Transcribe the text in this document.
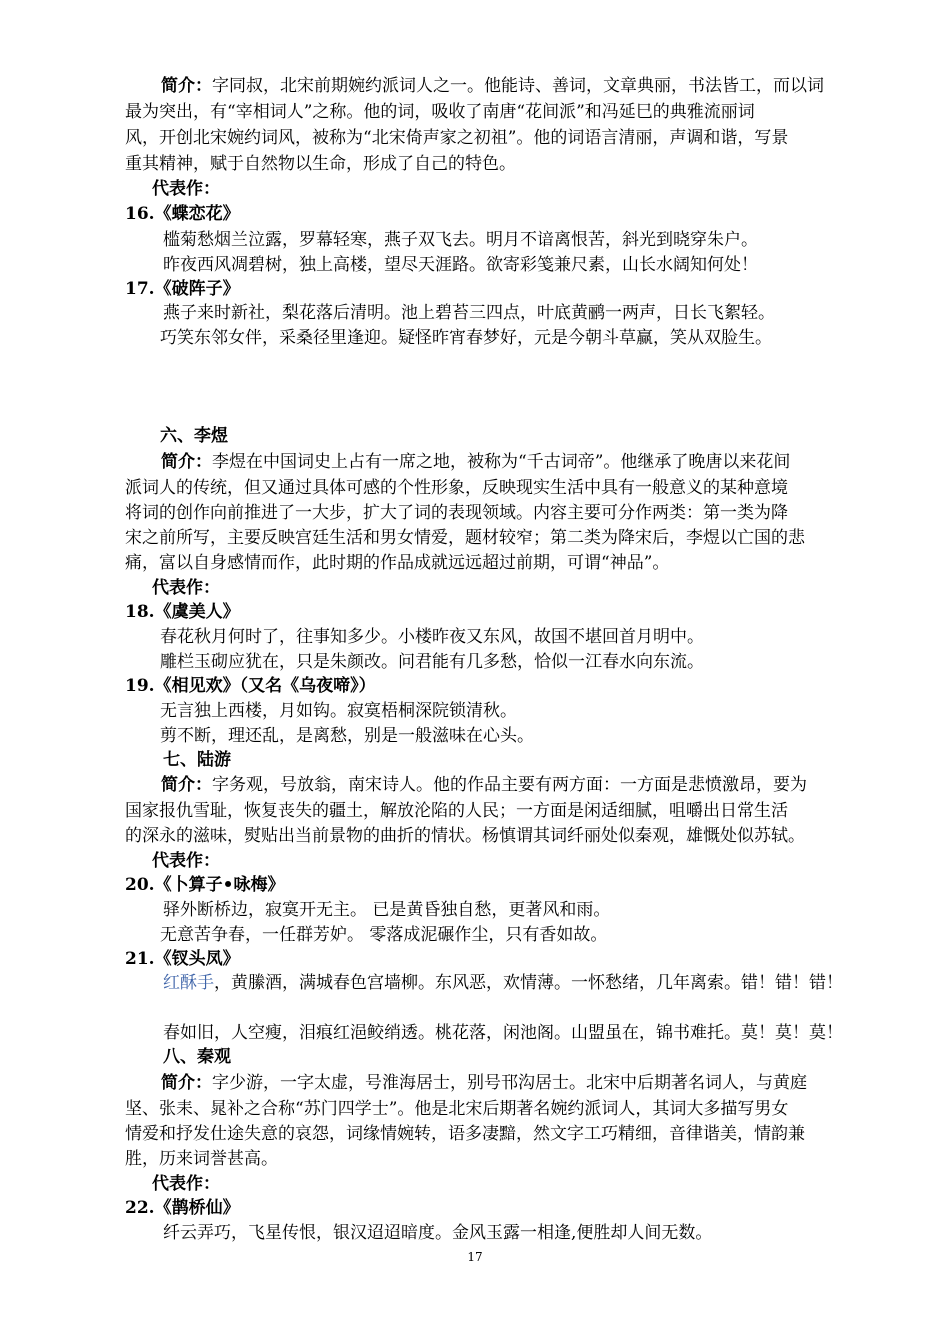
简介：字同叔，北宋前期婉约派词人之一。他能诗、善词，文章典丽，书法皆工，而以词
最为突出，有“宰相词人”之称。他的词，吸收了南唐“花间派”和冯延巳的典雅流丽词
风，开创北宋婉约词风，被称为“北宋倚声家之初祖”。他的词语言清丽，声调和谐，写景
重其精神，赋于自然物以生命，形成了自己的特色。
代表作：
16.《蝶恋花》
槛菊愁烟兰泣露，罗幕轻寒，燕子双飞去。明月不谙离恨苦，斜光到晓穿朱户。
昨夜西风凋碧树，独上高楼，望尽天涯路。欲寄彩笺兼尺素，山长水阔知何处！
17.《破阵子》
燕子来时新社，梨花落后清明。池上碧苔三四点，叶底黄鹂一两声，日长飞絮轻。
巧笑东邻女伴，采桑径里逢迎。疑怪昨宵春梦好，元是今朝斗草赢，笑从双脸生。
六、李煜
简介：李煜在中国词史上占有一席之地，被称为“千古词帝”。他继承了晚唐以来花间
派词人的传统，但又通过具体可感的个性形象，反映现实生活中具有一般意义的某种意境
将词的创作向前推进了一大步，扩大了词的表现领域。内容主要可分作两类：第一类为降
宋之前所写，主要反映宫廷生活和男女情爱，题材较窄；第二类为降宋后，李煜以亡国的悲
痛，富以自身感情而作，此时期的作品成就远远超过前期，可谓“神品”。
代表作：
18.《虞美人》
春花秋月何时了，往事知多少。小楼昨夜又东风，故国不堪回首月明中。
雕栏玉砌应犹在，只是朱颜改。问君能有几多愁，恰似一江春水向东流。
19.《相见欢》（又名《乌夜啼》）
无言独上西楼，月如钩。寂寞梧桐深院锁清秋。
剪不断，理还乱，是离愁，别是一般滋味在心头。
七、陆游
简介：字务观，号放翁，南宋诗人。他的作品主要有两方面：一方面是悲愤激昂，要为
国家报仇雪耻，恢复丧失的疆土，解放沦陷的人民；一方面是闲适细腻，咀嚼出日常生活
的深永的滋味，熨贴出当前景物的曲折的情状。杨慎谓其词纤丽处似秦观，雄慨处似苏轼。
代表作：
20.《卜算子•咏梅》
驿外断桥边，寂寞开无主。 已是黄昏独自愁，更著风和雨。
无意苦争春，一任群芳妒。 零落成泥碾作尘，只有香如故。
21.《钗头凤》
红酥手，黄縢酒，满城春色宫墙柳。东风恶，欢情薄。一怀愁绪，几年离索。错！错！错！
春如旧，人空瘦，泪痕红浥鲛绡透。桃花落，闲池阁。山盟虽在，锦书难托。莫！莫！莫！
八、秦观
简介：字少游，一字太虚，号淮海居士，别号邗沟居士。北宋中后期著名词人，与黄庭
坚、张耒、晁补之合称“苏门四学士”。他是北宋后期著名婉约派词人，其词大多描写男女
情爱和抒发仕途失意的哀怨，词缘情婉转，语多凄黯，然文字工巧精细，音律谐美，情韵兼
胜，历来词誉甚高。
代表作：
22.《鹊桥仙》
纤云弄巧，飞星传恨，银汉迢迢暗度。金风玉露一相逢,便胜却人间无数。
17
